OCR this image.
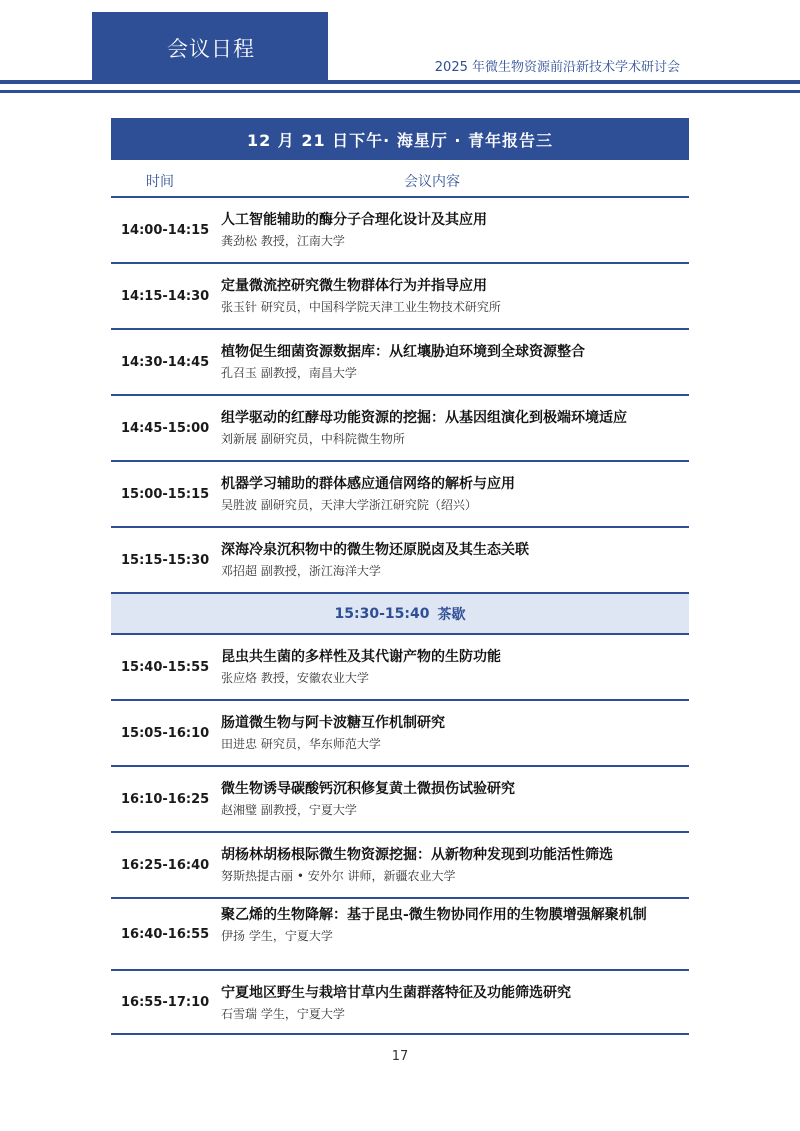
会议日程
2025 年微生物资源前沿新技术学术研讨会
12 月 21 日下午· 海星厅 · 青年报告三
时间	会议内容
14:00-14:15
人工智能辅助的酶分子合理化设计及其应用
龚劲松 教授，江南大学
14:15-14:30
定量微流控研究微生物群体行为并指导应用
张玉针 研究员，中国科学院天津工业生物技术研究所
14:30-14:45
植物促生细菌资源数据库：从红壤胁迫环境到全球资源整合
孔召玉 副教授，南昌大学
14:45-15:00
组学驱动的红酵母功能资源的挖掘：从基因组演化到极端环境适应
刘新展 副研究员，中科院微生物所
15:00-15:15
机器学习辅助的群体感应通信网络的解析与应用
吴胜波 副研究员，天津大学浙江研究院（绍兴）
15:15-15:30
深海冷泉沉积物中的微生物还原脱卤及其生态关联
邓招超 副教授，浙江海洋大学
15:30-15:40 茶歇
15:40-15:55
昆虫共生菌的多样性及其代谢产物的生防功能
张应烙 教授，安徽农业大学
15:05-16:10
肠道微生物与阿卡波糖互作机制研究
田进忠 研究员，华东师范大学
16:10-16:25
微生物诱导碳酸钙沉积修复黄土微损伤试验研究
赵湘璧 副教授，宁夏大学
16:25-16:40
胡杨林胡杨根际微生物资源挖掘：从新物种发现到功能活性筛选
努斯热提古丽 • 安外尔 讲师，新疆农业大学
16:40-16:55
聚乙烯的生物降解：基于昆虫-微生物协同作用的生物膜增强解聚机制
伊扬 学生，宁夏大学
16:55-17:10
宁夏地区野生与栽培甘草内生菌群落特征及功能筛选研究
石雪瑞 学生，宁夏大学
17
